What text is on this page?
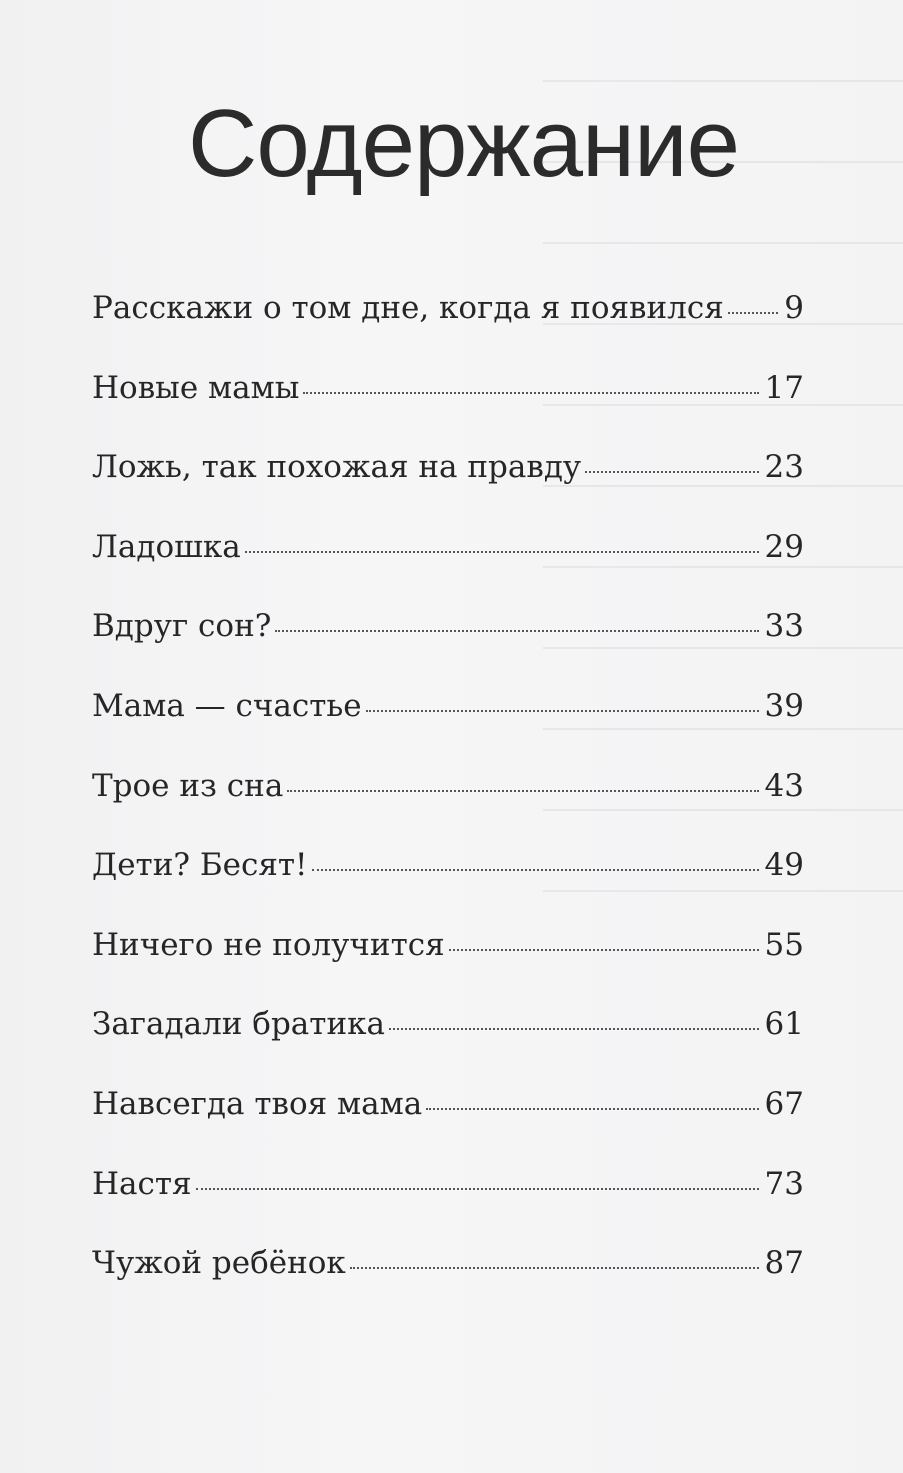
Содержание
Расскажи о том дне, когда я появился 9
Новые мамы	17
Ложь, так похожая на правду	23
Ладошка	29
Вдруг сон?	33
Мама — счастье	39
Трое из сна	43
Дети? Бесят!	49
Ничего не получится	55
Загадали братика	61
Навсегда твоя мама	67
Настя	73
Чужой ребёнок	87
